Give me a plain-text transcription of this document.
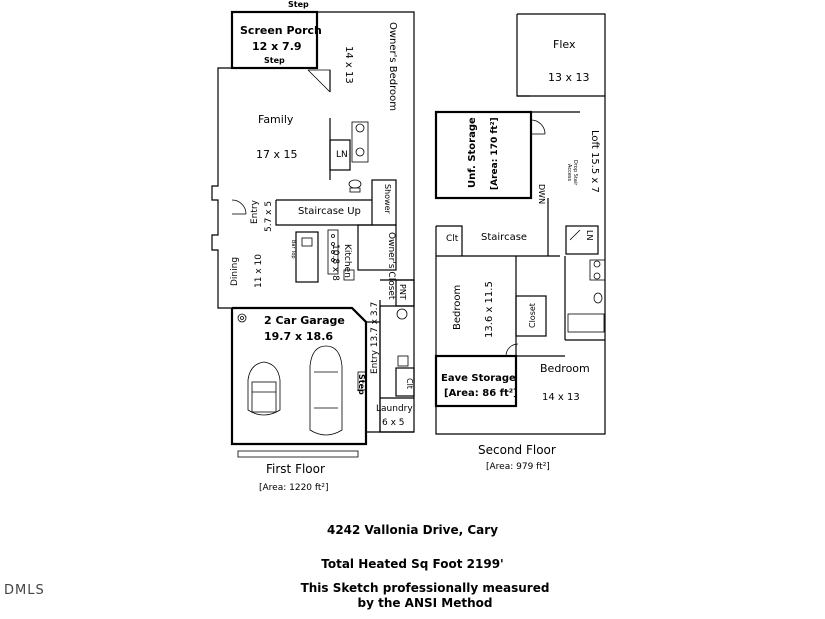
Step
Screen Porch
12 x 7.9
Step	14 x 13	Owner's Bedroom
Family
17 x 15	LN
Shower
Entry 5.7 x 5 Staircase Up
Owner's Closet
Bar Top	Kitchen
10.8 x 8
Dining 11 x 10
PNT
2 Car Garage
19.7 x 18.6	Entry 13.7 x 3.7
Step	Clt
Laundry
6 x 5
First Floor
[Area: 1220 ft²]
Flex
13 x 13
Unf. Storage [Area: 170 ft²]	Loft 15.5 x 7
Drop Stair
Access
DWN
Clt Staircase	LN
Bedroom 13.6 x 11.5	Closet
Eave Storage
[Area: 86 ft²]
Bedroom
14 x 13
Second Floor
[Area: 979 ft²]
4242 Vallonia Drive, Cary
Total Heated Sq Foot 2199'
This Sketch professionally measured
by the ANSI Method
DMLS
